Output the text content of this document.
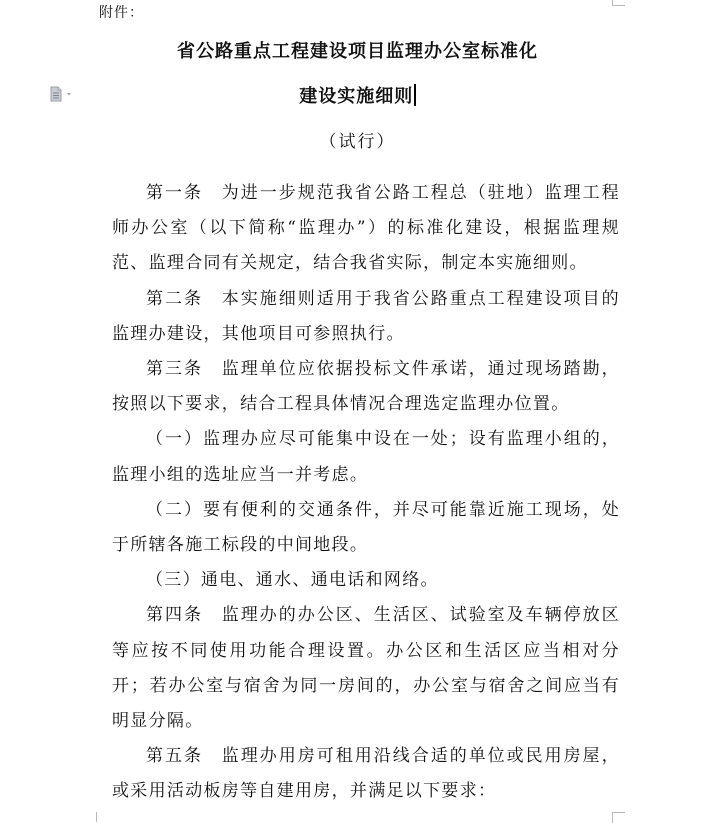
附件：
省公路重点工程建设项目监理办公室标准化
建设实施细则
（试行）

第一条 为进一步规范我省公路工程总（驻地）监理工程师办公室（以下简称“监理办”）的标准化建设，根据监理规范、监理合同有关规定，结合我省实际，制定本实施细则。

第二条 本实施细则适用于我省公路重点工程建设项目的监理办建设，其他项目可参照执行。

第三条 监理单位应依据投标文件承诺，通过现场踏勘，按照以下要求，结合工程具体情况合理选定监理办位置。

（一）监理办应尽可能集中设在一处；设有监理小组的，监理小组的选址应当一并考虑。

（二）要有便利的交通条件，并尽可能靠近施工现场，处于所辖各施工标段的中间地段。

（三）通电、通水、通电话和网络。

第四条 监理办的办公区、生活区、试验室及车辆停放区等应按不同使用功能合理设置。办公区和生活区应当相对分开；若办公室与宿舍为同一房间的，办公室与宿舍之间应当有明显分隔。

第五条 监理办用房可租用沿线合适的单位或民用房屋，或采用活动板房等自建用房，并满足以下要求：
